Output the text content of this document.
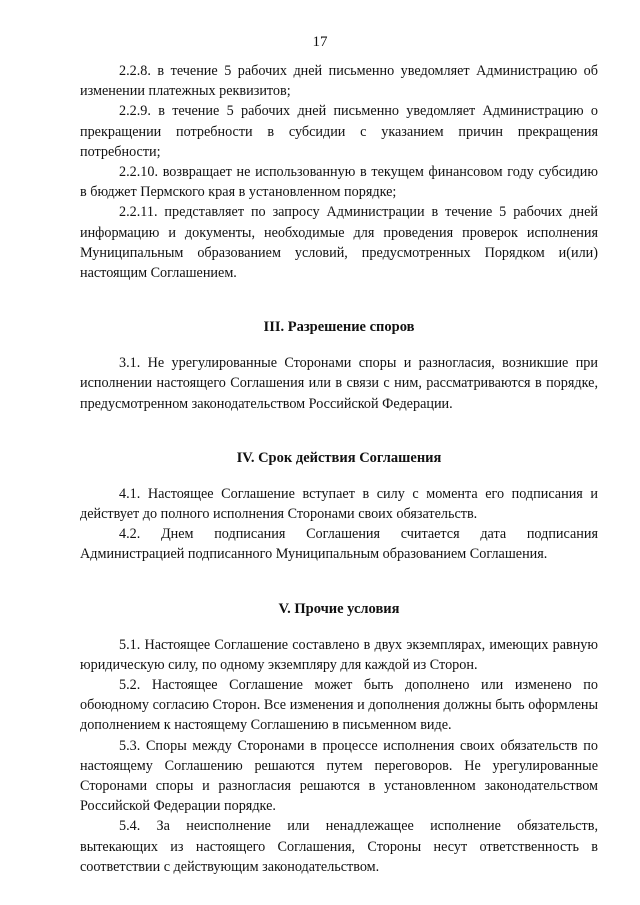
17

2.2.8. в течение 5 рабочих дней письменно уведомляет Администрацию об изменении платежных реквизитов;

2.2.9. в течение 5 рабочих дней письменно уведомляет Администрацию о прекращении потребности в субсидии с указанием причин прекращения потребности;

2.2.10. возвращает не использованную в текущем финансовом году субсидию в бюджет Пермского края в установленном порядке;

2.2.11. представляет по запросу Администрации в течение 5 рабочих дней информацию и документы, необходимые для проведения проверок исполнения Муниципальным образованием условий, предусмотренных Порядком и(или) настоящим Соглашением.

III. Разрешение споров

3.1. Не урегулированные Сторонами споры и разногласия, возникшие при исполнении настоящего Соглашения или в связи с ним, рассматриваются в порядке, предусмотренном законодательством Российской Федерации.

IV. Срок действия Соглашения

4.1. Настоящее Соглашение вступает в силу с момента его подписания и действует до полного исполнения Сторонами своих обязательств.

4.2. Днем подписания Соглашения считается дата подписания Администрацией подписанного Муниципальным образованием Соглашения.

V. Прочие условия

5.1. Настоящее Соглашение составлено в двух экземплярах, имеющих равную юридическую силу, по одному экземпляру для каждой из Сторон.

5.2. Настоящее Соглашение может быть дополнено или изменено по обоюдному согласию Сторон. Все изменения и дополнения должны быть оформлены дополнением к настоящему Соглашению в письменном виде.

5.3. Споры между Сторонами в процессе исполнения своих обязательств по настоящему Соглашению решаются путем переговоров. Не урегулированные Сторонами споры и разногласия решаются в установленном законодательством Российской Федерации порядке.

5.4. За неисполнение или ненадлежащее исполнение обязательств, вытекающих из настоящего Соглашения, Стороны несут ответственность в соответствии с действующим законодательством.
